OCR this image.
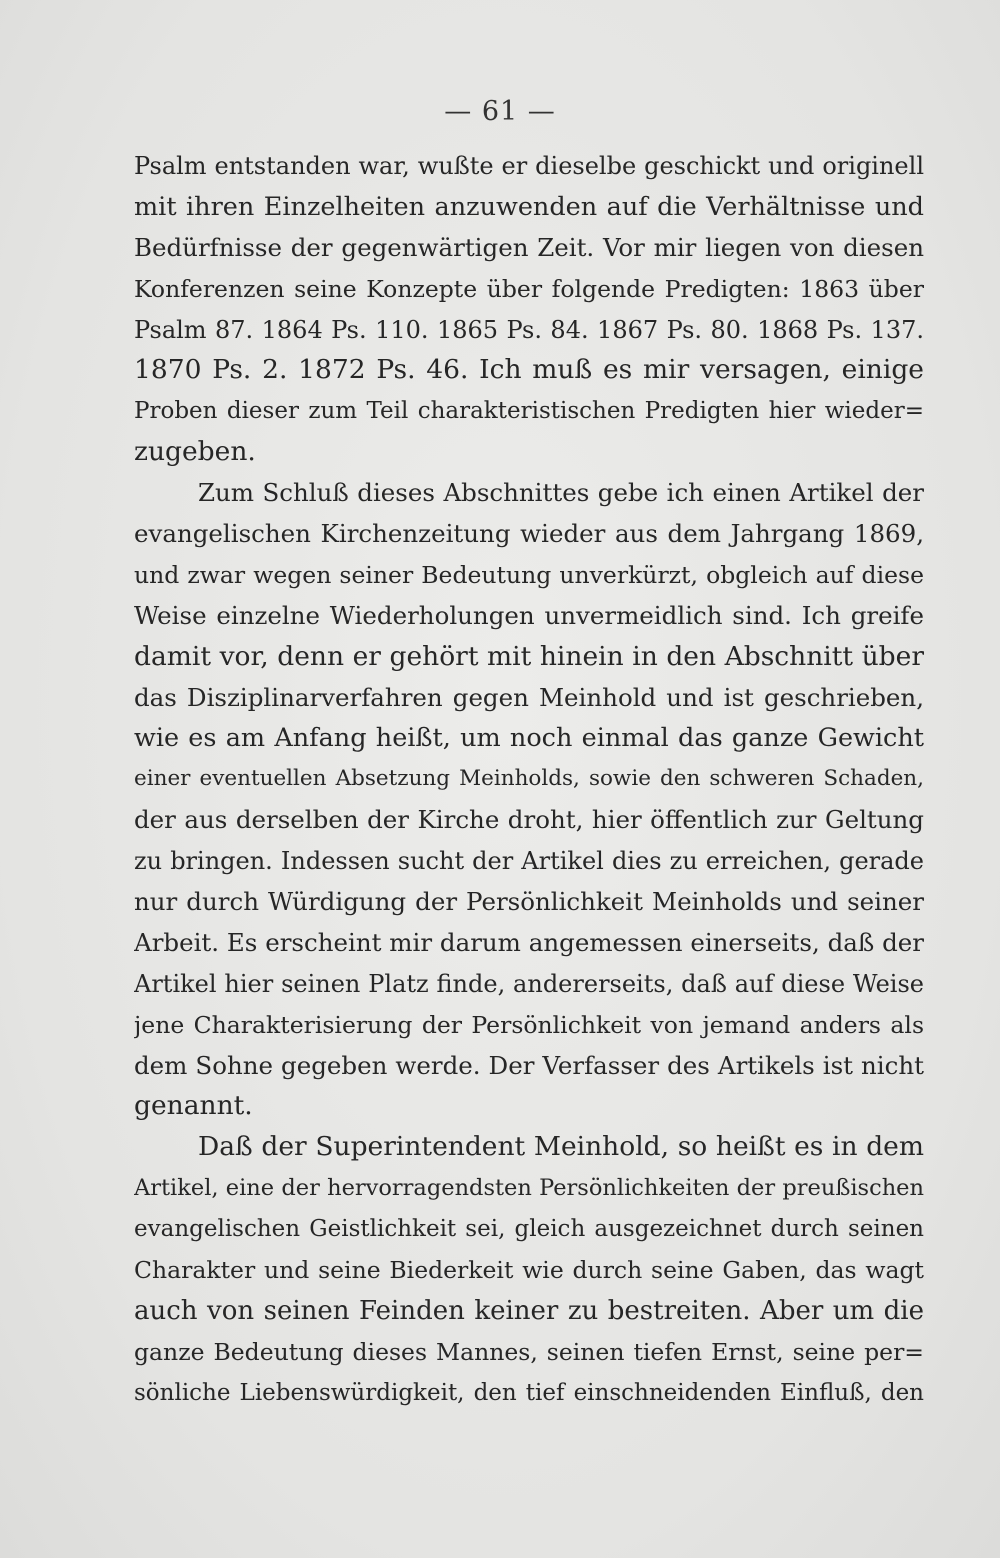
— 61 —
Psalm entstanden war, wußte er dieselbe geschickt und originell
mit ihren Einzelheiten anzuwenden auf die Verhältnisse und
Bedürfnisse der gegenwärtigen Zeit. Vor mir liegen von diesen
Konferenzen seine Konzepte über folgende Predigten: 1863 über
Psalm 87. 1864 Ps. 110. 1865 Ps. 84. 1867 Ps. 80. 1868 Ps. 137.
1870 Ps. 2. 1872 Ps. 46. Ich muß es mir versagen, einige
Proben dieser zum Teil charakteristischen Predigten hier wieder=
zugeben.
Zum Schluß dieses Abschnittes gebe ich einen Artikel der
evangelischen Kirchenzeitung wieder aus dem Jahrgang 1869,
und zwar wegen seiner Bedeutung unverkürzt, obgleich auf diese
Weise einzelne Wiederholungen unvermeidlich sind. Ich greife
damit vor, denn er gehört mit hinein in den Abschnitt über
das Disziplinarverfahren gegen Meinhold und ist geschrieben,
wie es am Anfang heißt, um noch einmal das ganze Gewicht
einer eventuellen Absetzung Meinholds, sowie den schweren Schaden,
der aus derselben der Kirche droht, hier öffentlich zur Geltung
zu bringen. Indessen sucht der Artikel dies zu erreichen, gerade
nur durch Würdigung der Persönlichkeit Meinholds und seiner
Arbeit. Es erscheint mir darum angemessen einerseits, daß der
Artikel hier seinen Platz finde, andererseits, daß auf diese Weise
jene Charakterisierung der Persönlichkeit von jemand anders als
dem Sohne gegeben werde. Der Verfasser des Artikels ist nicht
genannt.
Daß der Superintendent Meinhold, so heißt es in dem
Artikel, eine der hervorragendsten Persönlichkeiten der preußischen
evangelischen Geistlichkeit sei, gleich ausgezeichnet durch seinen
Charakter und seine Biederkeit wie durch seine Gaben, das wagt
auch von seinen Feinden keiner zu bestreiten. Aber um die
ganze Bedeutung dieses Mannes, seinen tiefen Ernst, seine per=
sönliche Liebenswürdigkeit, den tief einschneidenden Einfluß, den
